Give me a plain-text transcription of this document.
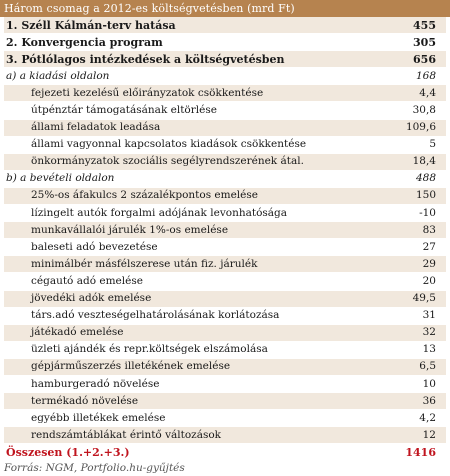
Három csomag a 2012-es költségvetésben (mrd Ft)
1. Széll Kálmán-terv hatása	455
2. Konvergencia program	305
3. Pótlólagos intézkedések a költségvetésben	656
a) a kiadási oldalon	168
fejezeti kezelésű előirányzatok csökkentése	4,4
útpénztár támogatásának eltörlése	30,8
állami feladatok leadása	109,6
állami vagyonnal kapcsolatos kiadások csökkentése	5
önkormányzatok szociális segélyrendszerének átal.	18,4
b) a bevételi oldalon	488
25%-os áfakulcs 2 százalékpontos emelése	150
lízingelt autók forgalmi adójának levonhatósága	-10
munkavállalói járulék 1%-os emelése	83
baleseti adó bevezetése	27
minimálbér másfélszerese után fiz. járulék	29
cégautó adó emelése	20
jövedéki adók emelése	49,5
társ.adó veszteségelhatárolásának korlátozása	31
játékadó emelése	32
üzleti ajándék és repr.költségek elszámolása	13
gépjárműszerzés illetékének emelése	6,5
hamburgeradó növelése	10
termékadó növelése	36
egyébb illetékek emelése	4,2
rendszámtáblákat érintő változások	12
Összesen (1.+2.+3.)	1416
Forrás: NGM, Portfolio.hu-gyűjtés
